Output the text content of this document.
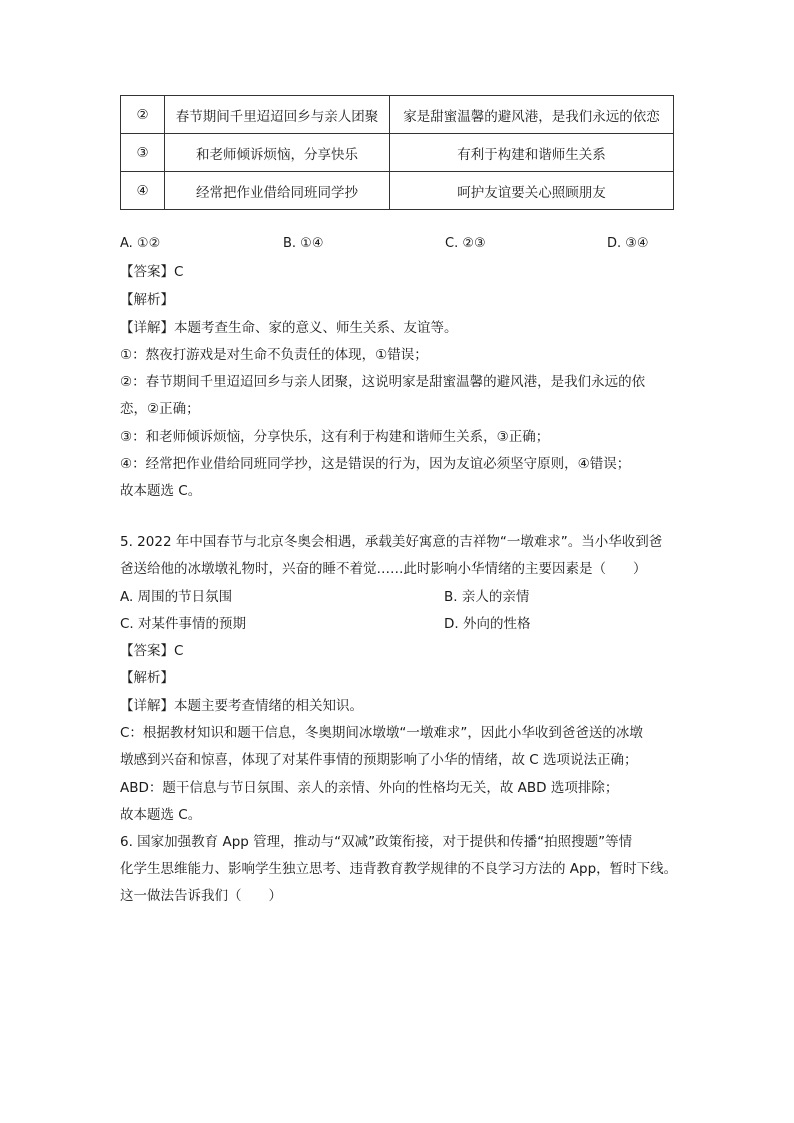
②	春节期间千里迢迢回乡与亲人团聚	家是甜蜜温馨的避风港，是我们永远的依恋
③	和老师倾诉烦恼，分享快乐	有利于构建和谐师生关系
④	经常把作业借给同班同学抄	呵护友谊要关心照顾朋友
A. ①②	B. ①④	C. ②③	D. ③④
【答案】C
【解析】
【详解】本题考查生命、家的意义、师生关系、友谊等。
①：熬夜打游戏是对生命不负责任的体现，①错误；
②：春节期间千里迢迢回乡与亲人团聚，这说明家是甜蜜温馨的避风港，是我们永远的依
恋，②正确；
③：和老师倾诉烦恼，分享快乐，这有利于构建和谐师生关系，③正确；
④：经常把作业借给同班同学抄，这是错误的行为，因为友谊必须坚守原则，④错误；
故本题选 C。
5. 2022 年中国春节与北京冬奥会相遇，承载美好寓意的吉祥物“一墩难求”。当小华收到爸
爸送给他的冰墩墩礼物时，兴奋的睡不着觉……此时影响小华情绪的主要因素是（　　）
A. 周围的节日氛围	B. 亲人的亲情
C. 对某件事情的预期	D. 外向的性格
【答案】C
【解析】
【详解】本题主要考查情绪的相关知识。
C：根据教材知识和题干信息，冬奥期间冰墩墩“一墩难求”，因此小华收到爸爸送的冰墩
墩感到兴奋和惊喜，体现了对某件事情的预期影响了小华的情绪，故 C 选项说法正确；
ABD：题干信息与节日氛围、亲人的亲情、外向的性格均无关，故 ABD 选项排除；
故本题选 C。
6. 国家加强教育 App 管理，推动与“双减”政策衔接，对于提供和传播“拍照搜题”等情
化学生思维能力、影响学生独立思考、违背教育教学规律的不良学习方法的 App，暂时下线。
这一做法告诉我们（　　）
